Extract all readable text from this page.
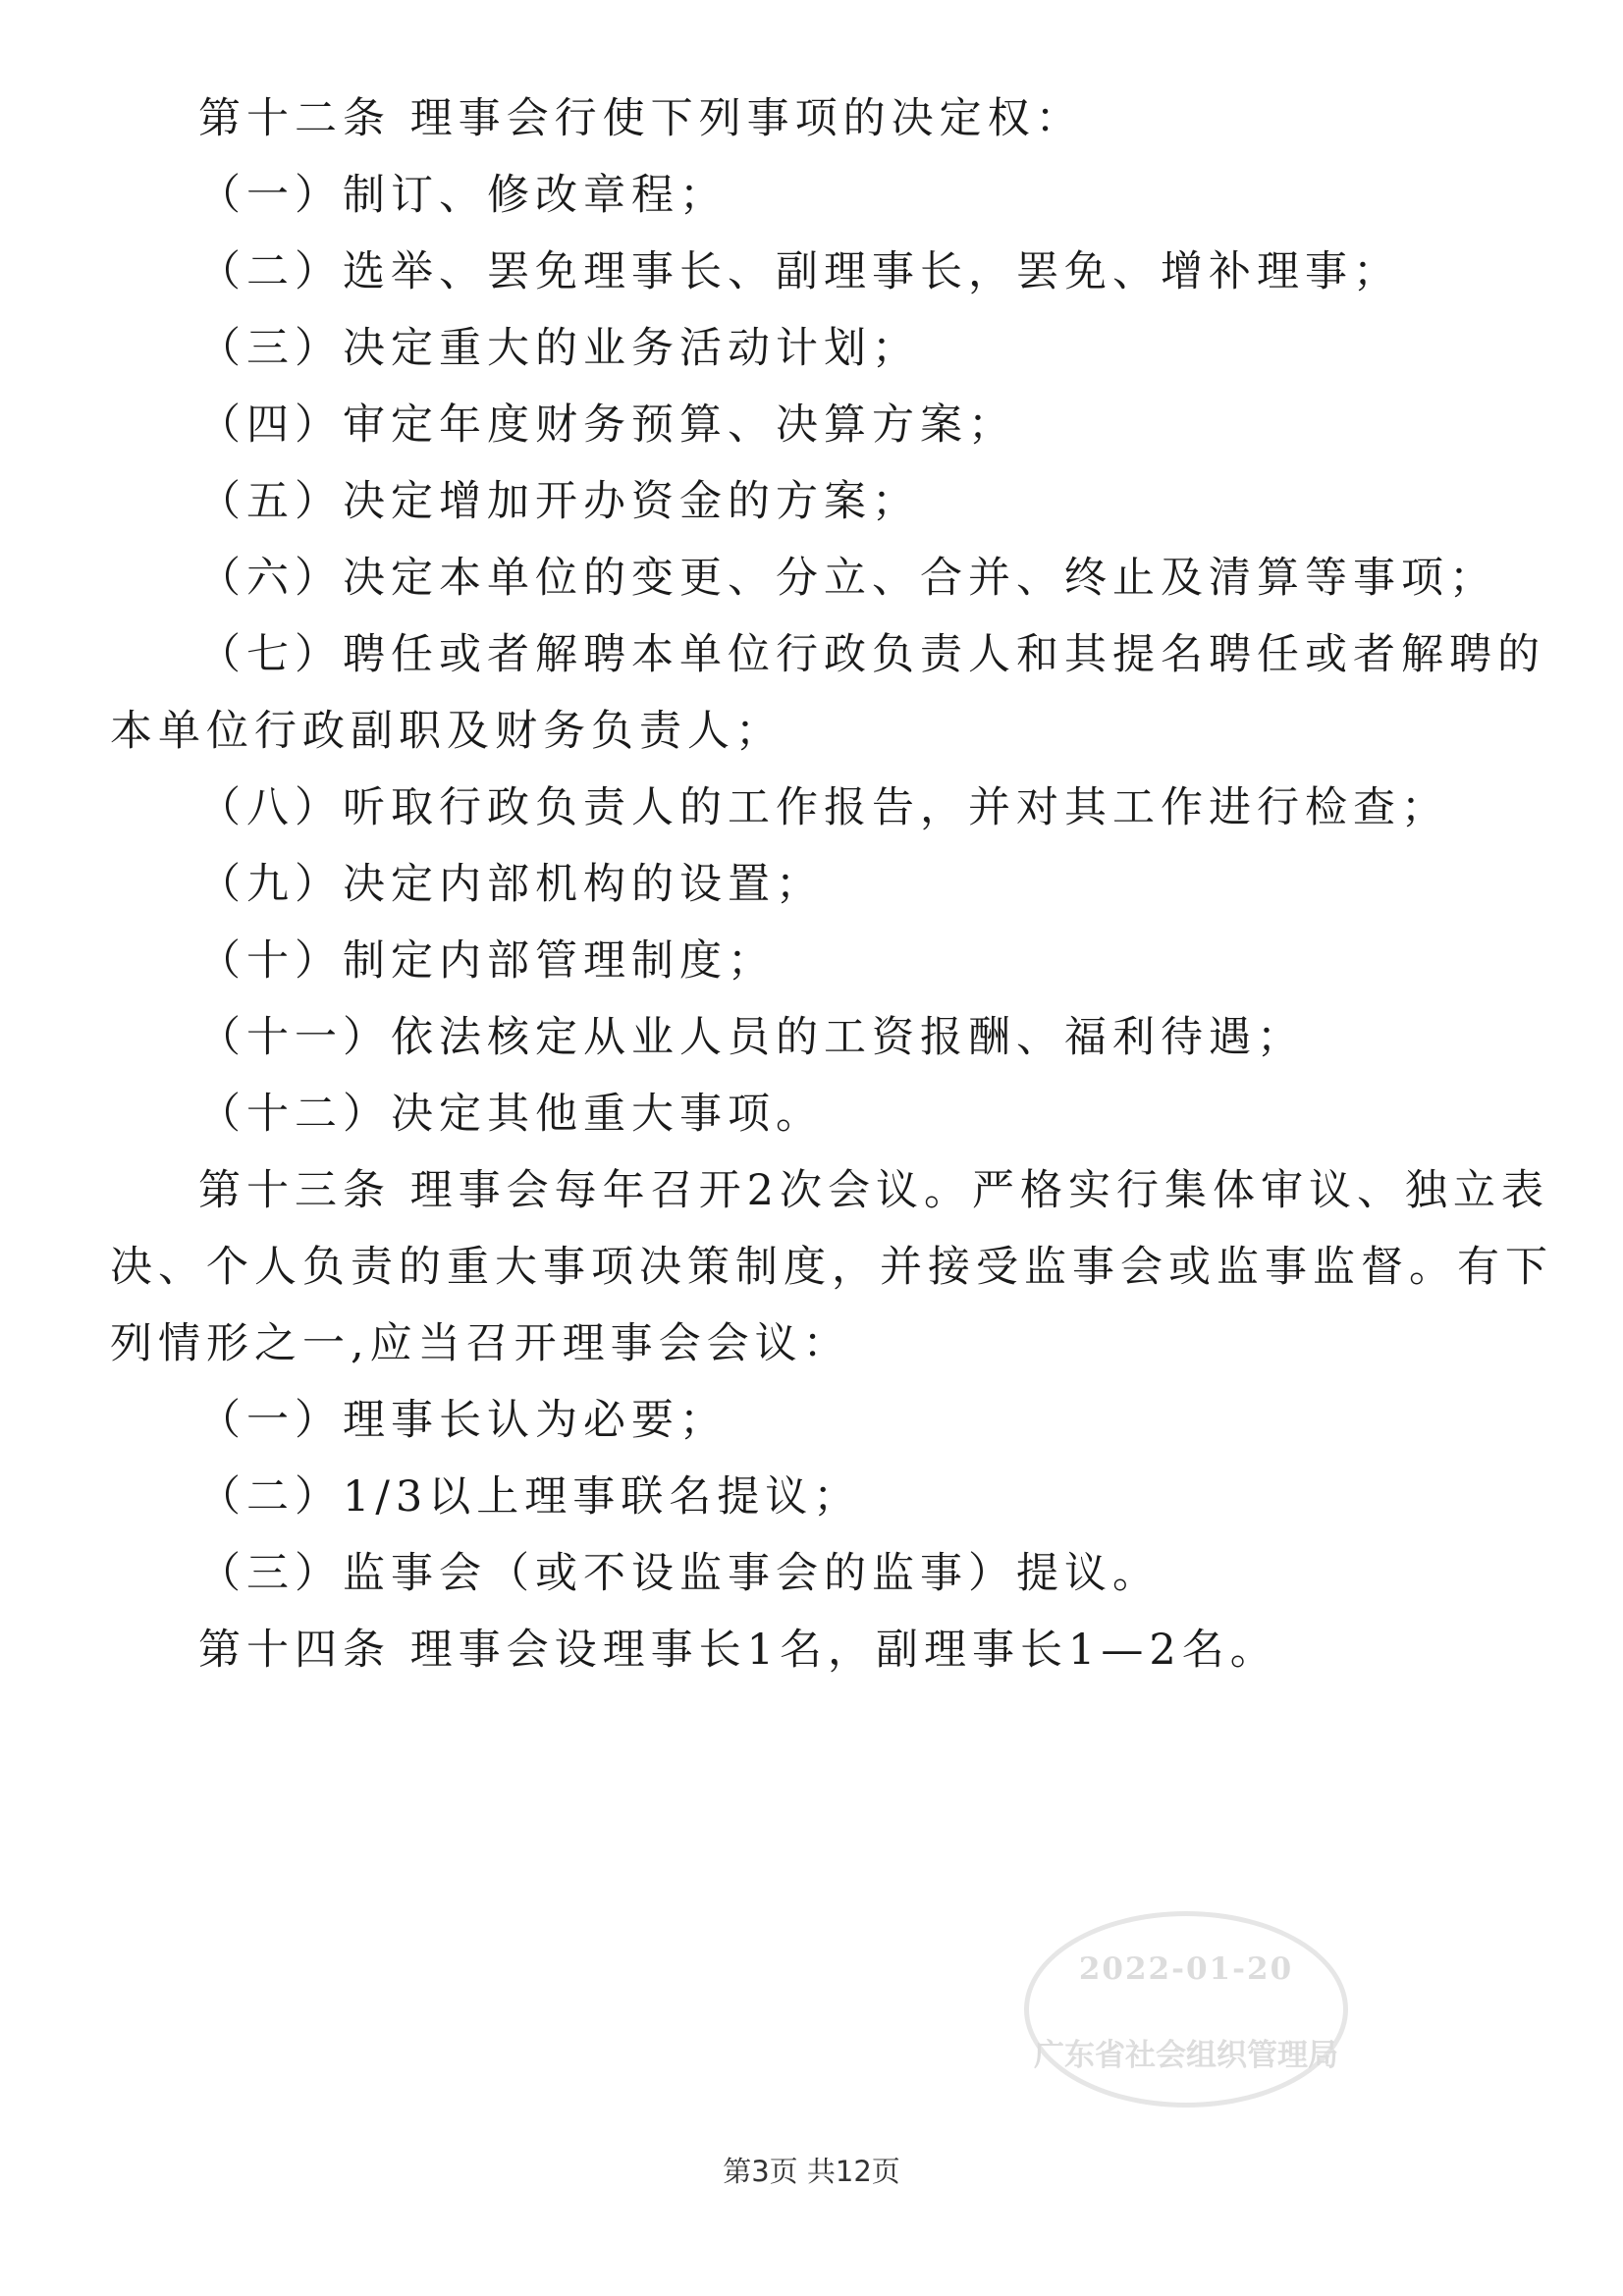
第十二条 理事会行使下列事项的决定权：

（一）制订、修改章程；

（二）选举、罢免理事长、副理事长，罢免、增补理事；

（三）决定重大的业务活动计划；

（四）审定年度财务预算、决算方案；

（五）决定增加开办资金的方案；

（六）决定本单位的变更、分立、合并、终止及清算等事项；

（七）聘任或者解聘本单位行政负责人和其提名聘任或者解聘的

本单位行政副职及财务负责人；

（八）听取行政负责人的工作报告，并对其工作进行检查；

（九）决定内部机构的设置；

（十）制定内部管理制度；

（十一）依法核定从业人员的工资报酬、福利待遇；

（十二）决定其他重大事项。

第十三条 理事会每年召开2次会议。严格实行集体审议、独立表

决、个人负责的重大事项决策制度，并接受监事会或监事监督。有下

列情形之一,应当召开理事会会议：

（一）理事长认为必要；

（二）1/3以上理事联名提议；

（三）监事会（或不设监事会的监事）提议。

第十四条 理事会设理事长1名，副理事长1—2名。

2022-01-20
广东省社会组织管理局
第3页 共12页
